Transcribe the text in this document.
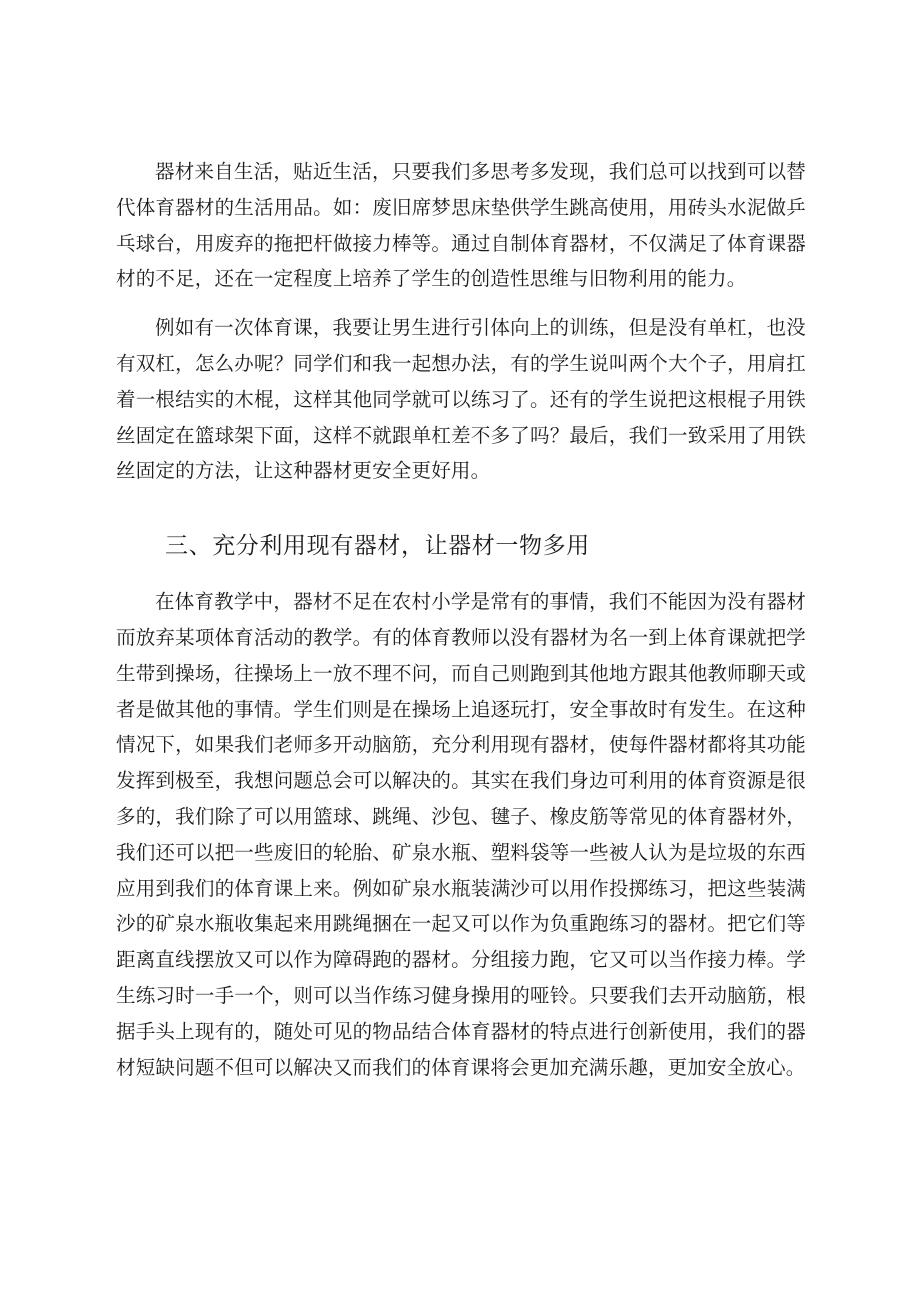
器材来自生活，贴近生活，只要我们多思考多发现，我们总可以找到可以替代体育器材的生活用品。如：废旧席梦思床垫供学生跳高使用，用砖头水泥做乒乓球台，用废弃的拖把杆做接力棒等。通过自制体育器材，不仅满足了体育课器材的不足，还在一定程度上培养了学生的创造性思维与旧物利用的能力。

例如有一次体育课，我要让男生进行引体向上的训练，但是没有单杠，也没有双杠，怎么办呢？同学们和我一起想办法，有的学生说叫两个大个子，用肩扛着一根结实的木棍，这样其他同学就可以练习了。还有的学生说把这根棍子用铁丝固定在篮球架下面，这样不就跟单杠差不多了吗？最后，我们一致采用了用铁丝固定的方法，让这种器材更安全更好用。

三、充分利用现有器材，让器材一物多用

在体育教学中，器材不足在农村小学是常有的事情，我们不能因为没有器材而放弃某项体育活动的教学。有的体育教师以没有器材为名一到上体育课就把学生带到操场，往操场上一放不理不问，而自己则跑到其他地方跟其他教师聊天或者是做其他的事情。学生们则是在操场上追逐玩打，安全事故时有发生。在这种情况下，如果我们老师多开动脑筋，充分利用现有器材，使每件器材都将其功能发挥到极至，我想问题总会可以解决的。其实在我们身边可利用的体育资源是很多的，我们除了可以用篮球、跳绳、沙包、毽子、橡皮筋等常见的体育器材外，我们还可以把一些废旧的轮胎、矿泉水瓶、塑料袋等一些被人认为是垃圾的东西应用到我们的体育课上来。例如矿泉水瓶装满沙可以用作投掷练习，把这些装满沙的矿泉水瓶收集起来用跳绳捆在一起又可以作为负重跑练习的器材。把它们等距离直线摆放又可以作为障碍跑的器材。分组接力跑，它又可以当作接力棒。学生练习时一手一个，则可以当作练习健身操用的哑铃。只要我们去开动脑筋，根据手头上现有的，随处可见的物品结合体育器材的特点进行创新使用，我们的器材短缺问题不但可以解决又而我们的体育课将会更加充满乐趣，更加安全放心。
